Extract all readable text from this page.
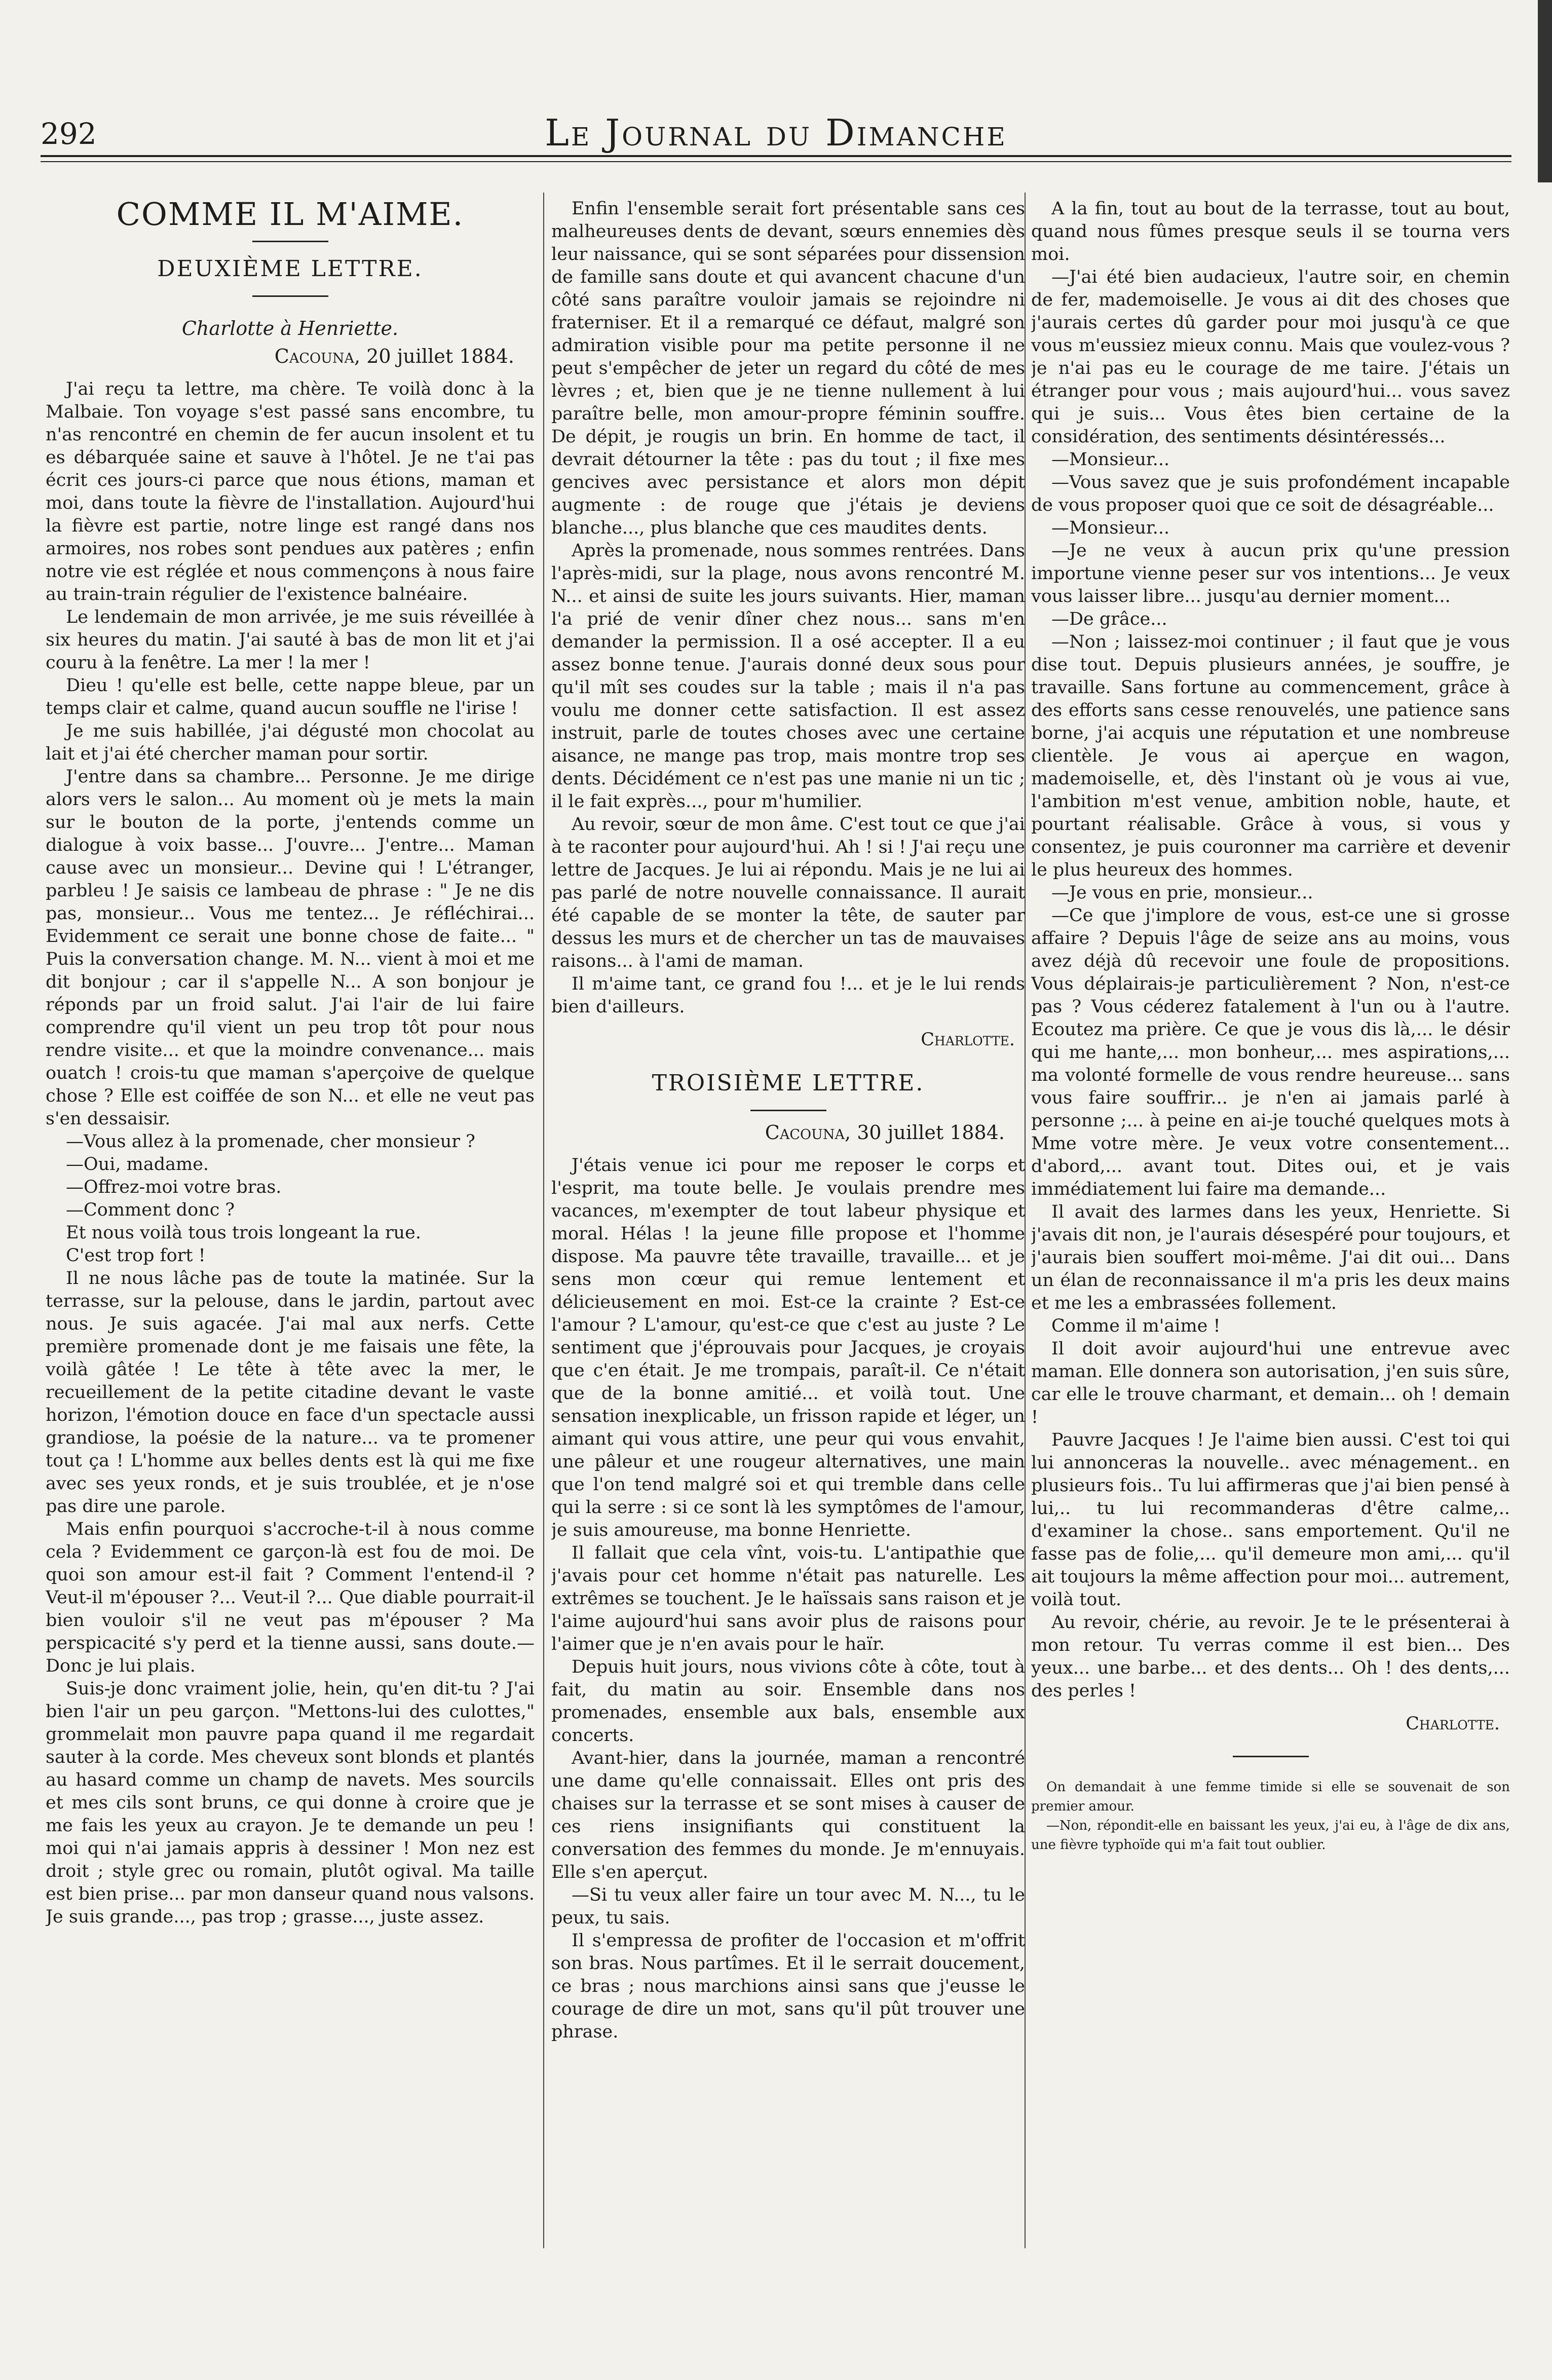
292	Le Journal du Dimanche
COMME IL M'AIME.
DEUXIÈME LETTRE.
Charlotte à Henriette.
Cacouna, 20 juillet 1884.

J'ai reçu ta lettre, ma chère. Te voilà donc à la Malbaie. Ton voyage s'est passé sans encombre, tu n'as rencontré en chemin de fer aucun insolent et tu es débarquée saine et sauve à l'hôtel. Je ne t'ai pas écrit ces jours-ci parce que nous étions, maman et moi, dans toute la fièvre de l'installation. Aujourd'hui la fièvre est partie, notre linge est rangé dans nos armoires, nos robes sont pendues aux patères ; enfin notre vie est réglée et nous commençons à nous faire au train-train régulier de l'existence balnéaire.

Le lendemain de mon arrivée, je me suis réveillée à six heures du matin. J'ai sauté à bas de mon lit et j'ai couru à la fenêtre. La mer ! la mer !

Dieu ! qu'elle est belle, cette nappe bleue, par un temps clair et calme, quand aucun souffle ne l'irise !

Je me suis habillée, j'ai dégusté mon chocolat au lait et j'ai été chercher maman pour sortir.

J'entre dans sa chambre... Personne. Je me dirige alors vers le salon... Au moment où je mets la main sur le bouton de la porte, j'entends comme un dialogue à voix basse... J'ouvre... J'entre... Maman cause avec un monsieur... Devine qui ! L'étranger, parbleu ! Je saisis ce lambeau de phrase : " Je ne dis pas, monsieur... Vous me tentez... Je réfléchirai... Evidemment ce serait une bonne chose de faite... " Puis la conversation change. M. N... vient à moi et me dit bonjour ; car il s'appelle N... A son bonjour je réponds par un froid salut. J'ai l'air de lui faire comprendre qu'il vient un peu trop tôt pour nous rendre visite... et que la moindre convenance... mais ouatch ! crois-tu que maman s'aperçoive de quelque chose ? Elle est coiffée de son N... et elle ne veut pas s'en dessaisir.

—Vous allez à la promenade, cher monsieur ?

—Oui, madame.

—Offrez-moi votre bras.

—Comment donc ?

Et nous voilà tous trois longeant la rue.

C'est trop fort !

Il ne nous lâche pas de toute la matinée. Sur la terrasse, sur la pelouse, dans le jardin, partout avec nous. Je suis agacée. J'ai mal aux nerfs. Cette première promenade dont je me faisais une fête, la voilà gâtée ! Le tête à tête avec la mer, le recueillement de la petite citadine devant le vaste horizon, l'émotion douce en face d'un spectacle aussi grandiose, la poésie de la nature... va te promener tout ça ! L'homme aux belles dents est là qui me fixe avec ses yeux ronds, et je suis troublée, et je n'ose pas dire une parole.

Mais enfin pourquoi s'accroche-t-il à nous comme cela ? Evidemment ce garçon-là est fou de moi. De quoi son amour est-il fait ? Comment l'entend-il ? Veut-il m'épouser ?... Veut-il ?... Que diable pourrait-il bien vouloir s'il ne veut pas m'épouser ? Ma perspicacité s'y perd et la tienne aussi, sans doute.—Donc je lui plais.

Suis-je donc vraiment jolie, hein, qu'en dit-tu ? J'ai bien l'air un peu garçon. "Mettons-lui des culottes," grommelait mon pauvre papa quand il me regardait sauter à la corde. Mes cheveux sont blonds et plantés au hasard comme un champ de navets. Mes sourcils et mes cils sont bruns, ce qui donne à croire que je me fais les yeux au crayon. Je te demande un peu ! moi qui n'ai jamais appris à dessiner ! Mon nez est droit ; style grec ou romain, plutôt ogival. Ma taille est bien prise... par mon danseur quand nous valsons. Je suis grande..., pas trop ; grasse..., juste assez.

Enfin l'ensemble serait fort présentable sans ces malheureuses dents de devant, sœurs ennemies dès leur naissance, qui se sont séparées pour dissension de famille sans doute et qui avancent chacune d'un côté sans paraître vouloir jamais se rejoindre ni fraterniser. Et il a remarqué ce défaut, malgré son admiration visible pour ma petite personne il ne peut s'empêcher de jeter un regard du côté de mes lèvres ; et, bien que je ne tienne nullement à lui paraître belle, mon amour-propre féminin souffre. De dépit, je rougis un brin. En homme de tact, il devrait détourner la tête : pas du tout ; il fixe mes gencives avec persistance et alors mon dépit augmente : de rouge que j'étais je deviens blanche..., plus blanche que ces maudites dents.

Après la promenade, nous sommes rentrées. Dans l'après-midi, sur la plage, nous avons rencontré M. N... et ainsi de suite les jours suivants. Hier, maman l'a prié de venir dîner chez nous... sans m'en demander la permission. Il a osé accepter. Il a eu assez bonne tenue. J'aurais donné deux sous pour qu'il mît ses coudes sur la table ; mais il n'a pas voulu me donner cette satisfaction. Il est assez instruit, parle de toutes choses avec une certaine aisance, ne mange pas trop, mais montre trop ses dents. Décidément ce n'est pas une manie ni un tic ; il le fait exprès..., pour m'humilier.

Au revoir, sœur de mon âme. C'est tout ce que j'ai à te raconter pour aujourd'hui. Ah ! si ! J'ai reçu une lettre de Jacques. Je lui ai répondu. Mais je ne lui ai pas parlé de notre nouvelle connaissance. Il aurait été capable de se monter la tête, de sauter par dessus les murs et de chercher un tas de mauvaises raisons... à l'ami de maman.

Il m'aime tant, ce grand fou !... et je le lui rends bien d'ailleurs.

Charlotte.
TROISIÈME LETTRE.
Cacouna, 30 juillet 1884.

J'étais venue ici pour me reposer le corps et l'esprit, ma toute belle. Je voulais prendre mes vacances, m'exempter de tout labeur physique et moral. Hélas ! la jeune fille propose et l'homme dispose. Ma pauvre tête travaille, travaille... et je sens mon cœur qui remue lentement et délicieusement en moi. Est-ce la crainte ? Est-ce l'amour ? L'amour, qu'est-ce que c'est au juste ? Le sentiment que j'éprouvais pour Jacques, je croyais que c'en était. Je me trompais, paraît-il. Ce n'était que de la bonne amitié... et voilà tout. Une sensation inexplicable, un frisson rapide et léger, un aimant qui vous attire, une peur qui vous envahit, une pâleur et une rougeur alternatives, une main que l'on tend malgré soi et qui tremble dans celle qui la serre : si ce sont là les symptômes de l'amour, je suis amoureuse, ma bonne Henriette.

Il fallait que cela vînt, vois-tu. L'antipathie que j'avais pour cet homme n'était pas naturelle. Les extrêmes se touchent. Je le haïssais sans raison et je l'aime aujourd'hui sans avoir plus de raisons pour l'aimer que je n'en avais pour le haïr.

Depuis huit jours, nous vivions côte à côte, tout à fait, du matin au soir. Ensemble dans nos promenades, ensemble aux bals, ensemble aux concerts.

Avant-hier, dans la journée, maman a rencontré une dame qu'elle connaissait. Elles ont pris des chaises sur la terrasse et se sont mises à causer de ces riens insignifiants qui constituent la conversation des femmes du monde. Je m'ennuyais. Elle s'en aperçut.

—Si tu veux aller faire un tour avec M. N..., tu le peux, tu sais.

Il s'empressa de profiter de l'occasion et m'offrit son bras. Nous partîmes. Et il le serrait doucement, ce bras ; nous marchions ainsi sans que j'eusse le courage de dire un mot, sans qu'il pût trouver une phrase.

A la fin, tout au bout de la terrasse, tout au bout, quand nous fûmes presque seuls il se tourna vers moi.

—J'ai été bien audacieux, l'autre soir, en chemin de fer, mademoiselle. Je vous ai dit des choses que j'aurais certes dû garder pour moi jusqu'à ce que vous m'eussiez mieux connu. Mais que voulez-vous ? je n'ai pas eu le courage de me taire. J'étais un étranger pour vous ; mais aujourd'hui... vous savez qui je suis... Vous êtes bien certaine de la considération, des sentiments désintéressés...

—Monsieur...

—Vous savez que je suis profondément incapable de vous proposer quoi que ce soit de désagréable...

—Monsieur...

—Je ne veux à aucun prix qu'une pression importune vienne peser sur vos intentions... Je veux vous laisser libre... jusqu'au dernier moment...

—De grâce...

—Non ; laissez-moi continuer ; il faut que je vous dise tout. Depuis plusieurs années, je souffre, je travaille. Sans fortune au commencement, grâce à des efforts sans cesse renouvelés, une patience sans borne, j'ai acquis une réputation et une nombreuse clientèle. Je vous ai aperçue en wagon, mademoiselle, et, dès l'instant où je vous ai vue, l'ambition m'est venue, ambition noble, haute, et pourtant réalisable. Grâce à vous, si vous y consentez, je puis couronner ma carrière et devenir le plus heureux des hommes.

—Je vous en prie, monsieur...

—Ce que j'implore de vous, est-ce une si grosse affaire ? Depuis l'âge de seize ans au moins, vous avez déjà dû recevoir une foule de propositions. Vous déplairais-je particulièrement ? Non, n'est-ce pas ? Vous céderez fatalement à l'un ou à l'autre. Ecoutez ma prière. Ce que je vous dis là,... le désir qui me hante,... mon bonheur,... mes aspirations,... ma volonté formelle de vous rendre heureuse... sans vous faire souffrir... je n'en ai jamais parlé à personne ;... à peine en ai-je touché quelques mots à Mme votre mère. Je veux votre consentement... d'abord,... avant tout. Dites oui, et je vais immédiatement lui faire ma demande...

Il avait des larmes dans les yeux, Henriette. Si j'avais dit non, je l'aurais désespéré pour toujours, et j'aurais bien souffert moi-même. J'ai dit oui... Dans un élan de reconnaissance il m'a pris les deux mains et me les a embrassées follement.

Comme il m'aime !

Il doit avoir aujourd'hui une entrevue avec maman. Elle donnera son autorisation, j'en suis sûre, car elle le trouve charmant, et demain... oh ! demain !

Pauvre Jacques ! Je l'aime bien aussi. C'est toi qui lui annonceras la nouvelle.. avec ménagement.. en plusieurs fois.. Tu lui affirmeras que j'ai bien pensé à lui,.. tu lui recommanderas d'être calme,.. d'examiner la chose.. sans emportement. Qu'il ne fasse pas de folie,... qu'il demeure mon ami,... qu'il ait toujours la même affection pour moi... autrement, voilà tout.

Au revoir, chérie, au revoir. Je te le présenterai à mon retour. Tu verras comme il est bien... Des yeux... une barbe... et des dents... Oh ! des dents,... des perles !

Charlotte.

On demandait à une femme timide si elle se souvenait de son premier amour.

—Non, répondit-elle en baissant les yeux, j'ai eu, à l'âge de dix ans, une fièvre typhoïde qui m'a fait tout oublier.
